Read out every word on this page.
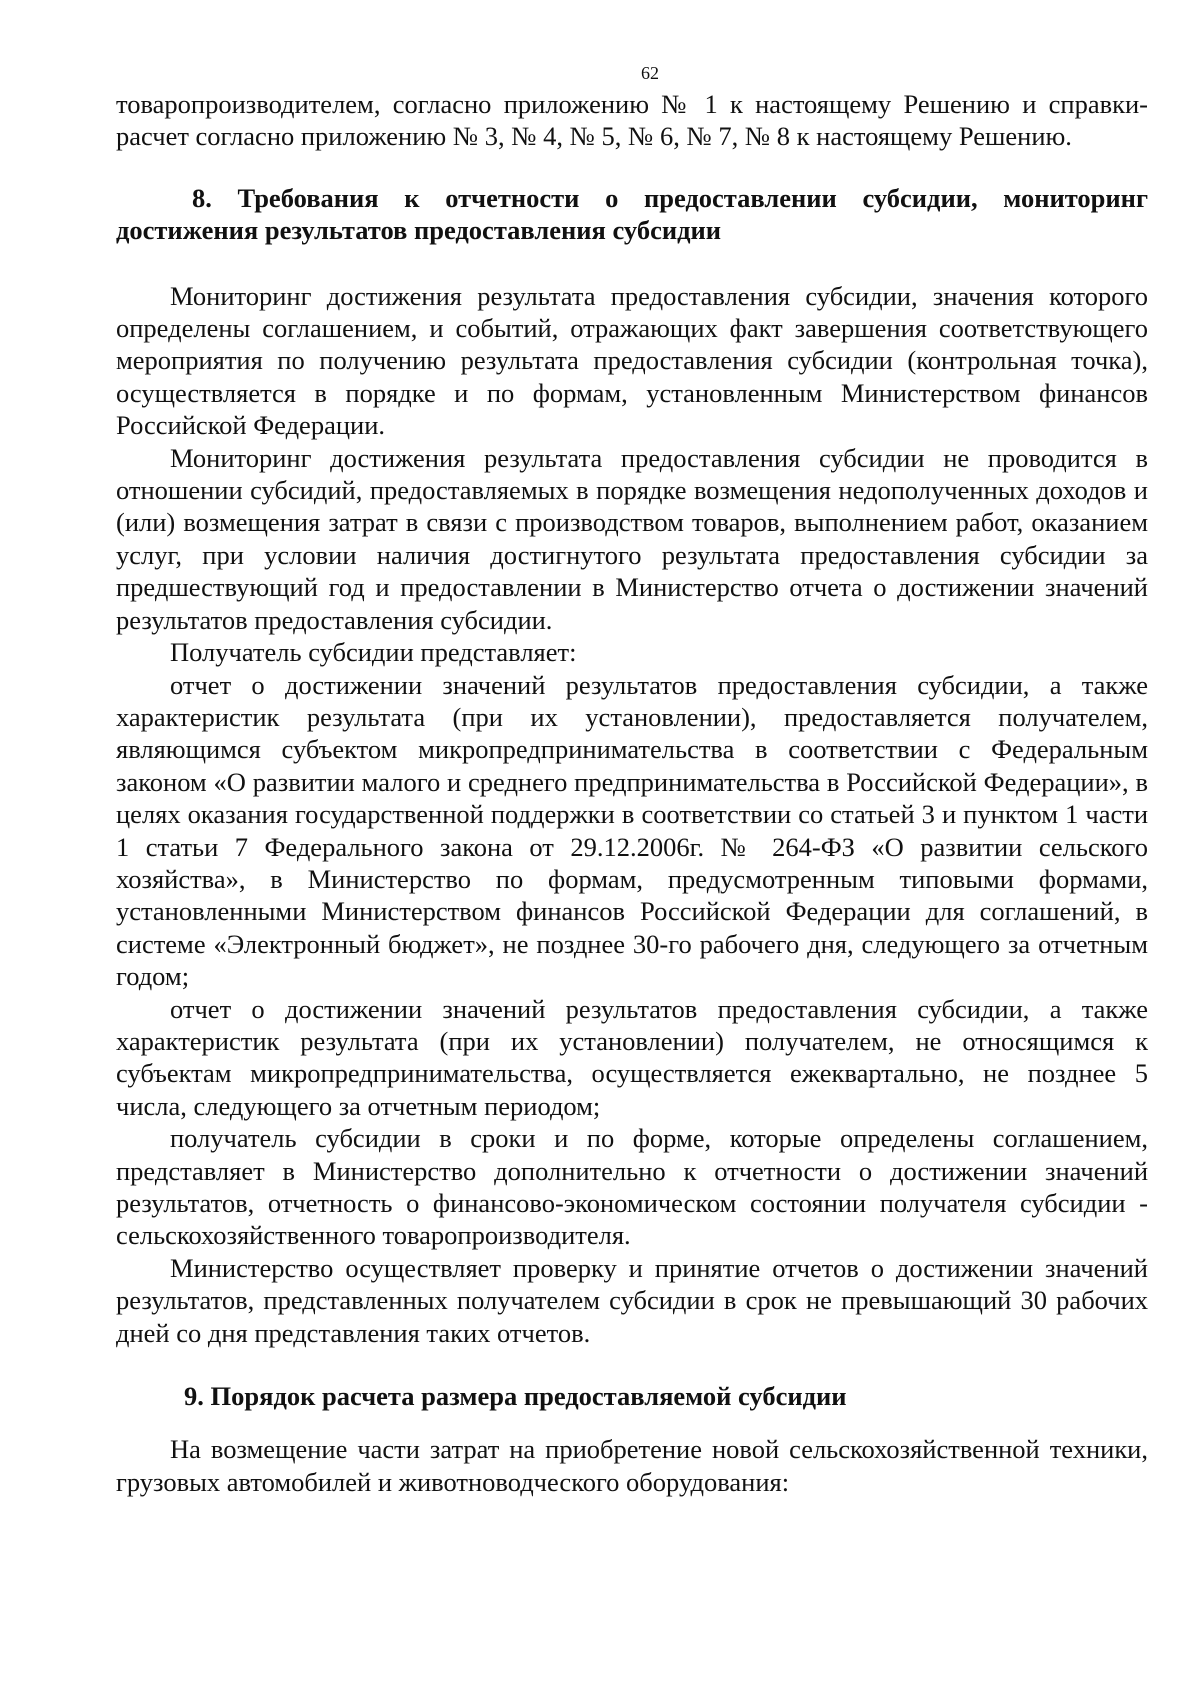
62

товаропроизводителем, согласно приложению № 1 к настоящему Решению и справки-расчет согласно приложению № 3, № 4, № 5, № 6, № 7, № 8 к настоящему Решению.

8. Требования к отчетности о предоставлении субсидии, мониторинг достижения результатов предоставления субсидии

Мониторинг достижения результата предоставления субсидии, значения которого определены соглашением, и событий, отражающих факт завершения соответствующего мероприятия по получению результата предоставления субсидии (контрольная точка), осуществляется в порядке и по формам, установленным Министерством финансов Российской Федерации.

Мониторинг достижения результата предоставления субсидии не проводится в отношении субсидий, предоставляемых в порядке возмещения недополученных доходов и (или) возмещения затрат в связи с производством товаров, выполнением работ, оказанием услуг, при условии наличия достигнутого результата предоставления субсидии за предшествующий год и предоставлении в Министерство отчета о достижении значений результатов предоставления субсидии.

Получатель субсидии представляет:

отчет о достижении значений результатов предоставления субсидии, а также характеристик результата (при их установлении), предоставляется получателем, являющимся субъектом микропредпринимательства в соответствии с Федеральным законом «О развитии малого и среднего предпринимательства в Российской Федерации», в целях оказания государственной поддержки в соответствии со статьей 3 и пунктом 1 части 1 статьи 7 Федерального закона от 29.12.2006г. № 264-ФЗ «О развитии сельского хозяйства», в Министерство по формам, предусмотренным типовыми формами, установленными Министерством финансов Российской Федерации для соглашений, в системе «Электронный бюджет», не позднее 30-го рабочего дня, следующего за отчетным годом;

отчет о достижении значений результатов предоставления субсидии, а также характеристик результата (при их установлении) получателем, не относящимся к субъектам микропредпринимательства, осуществляется ежеквартально, не позднее 5 числа, следующего за отчетным периодом;

получатель субсидии в сроки и по форме, которые определены соглашением, представляет в Министерство дополнительно к отчетности о достижении значений результатов, отчетность о финансово-экономическом состоянии получателя субсидии - сельскохозяйственного товаропроизводителя.

Министерство осуществляет проверку и принятие отчетов о достижении значений результатов, представленных получателем субсидии в срок не превышающий 30 рабочих дней со дня представления таких отчетов.

9. Порядок расчета размера предоставляемой субсидии

На возмещение части затрат на приобретение новой сельскохозяйственной техники, грузовых автомобилей и животноводческого оборудования:
